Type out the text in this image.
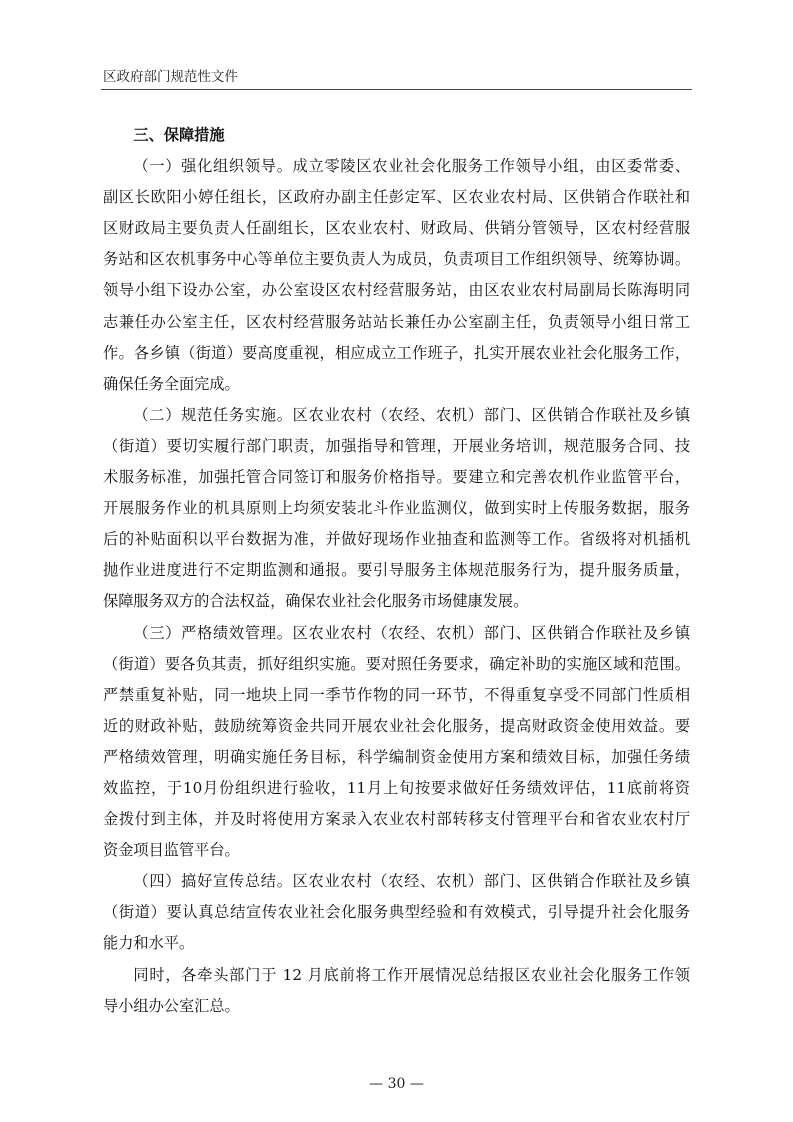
区政府部门规范性文件
三、保障措施
（一）强化组织领导。成立零陵区农业社会化服务工作领导小组，由区委常委、
副区长欧阳小婷任组长，区政府办副主任彭定军、区农业农村局、区供销合作联社和
区财政局主要负责人任副组长，区农业农村、财政局、供销分管领导，区农村经营服
务站和区农机事务中心等单位主要负责人为成员，负责项目工作组织领导、统筹协调。
领导小组下设办公室，办公室设区农村经营服务站，由区农业农村局副局长陈海明同
志兼任办公室主任，区农村经营服务站站长兼任办公室副主任，负责领导小组日常工
作。各乡镇（街道）要高度重视，相应成立工作班子，扎实开展农业社会化服务工作，
确保任务全面完成。
（二）规范任务实施。区农业农村（农经、农机）部门、区供销合作联社及乡镇
（街道）要切实履行部门职责，加强指导和管理，开展业务培训，规范服务合同、技
术服务标准，加强托管合同签订和服务价格指导。要建立和完善农机作业监管平台，
开展服务作业的机具原则上均须安装北斗作业监测仪，做到实时上传服务数据，服务
后的补贴面积以平台数据为准，并做好现场作业抽查和监测等工作。省级将对机插机
抛作业进度进行不定期监测和通报。要引导服务主体规范服务行为，提升服务质量，
保障服务双方的合法权益，确保农业社会化服务市场健康发展。
（三）严格绩效管理。区农业农村（农经、农机）部门、区供销合作联社及乡镇
（街道）要各负其责，抓好组织实施。要对照任务要求，确定补助的实施区域和范围。
严禁重复补贴，同一地块上同一季节作物的同一环节，不得重复享受不同部门性质相
近的财政补贴，鼓励统筹资金共同开展农业社会化服务，提高财政资金使用效益。要
严格绩效管理，明确实施任务目标，科学编制资金使用方案和绩效目标，加强任务绩
效监控，于10月份组织进行验收，11月上旬按要求做好任务绩效评估，11底前将资
金拨付到主体，并及时将使用方案录入农业农村部转移支付管理平台和省农业农村厅
资金项目监管平台。
（四）搞好宣传总结。区农业农村（农经、农机）部门、区供销合作联社及乡镇
（街道）要认真总结宣传农业社会化服务典型经验和有效模式，引导提升社会化服务
能力和水平。
同时，各牵头部门于 12 月底前将工作开展情况总结报区农业社会化服务工作领
导小组办公室汇总。
— 30 —
